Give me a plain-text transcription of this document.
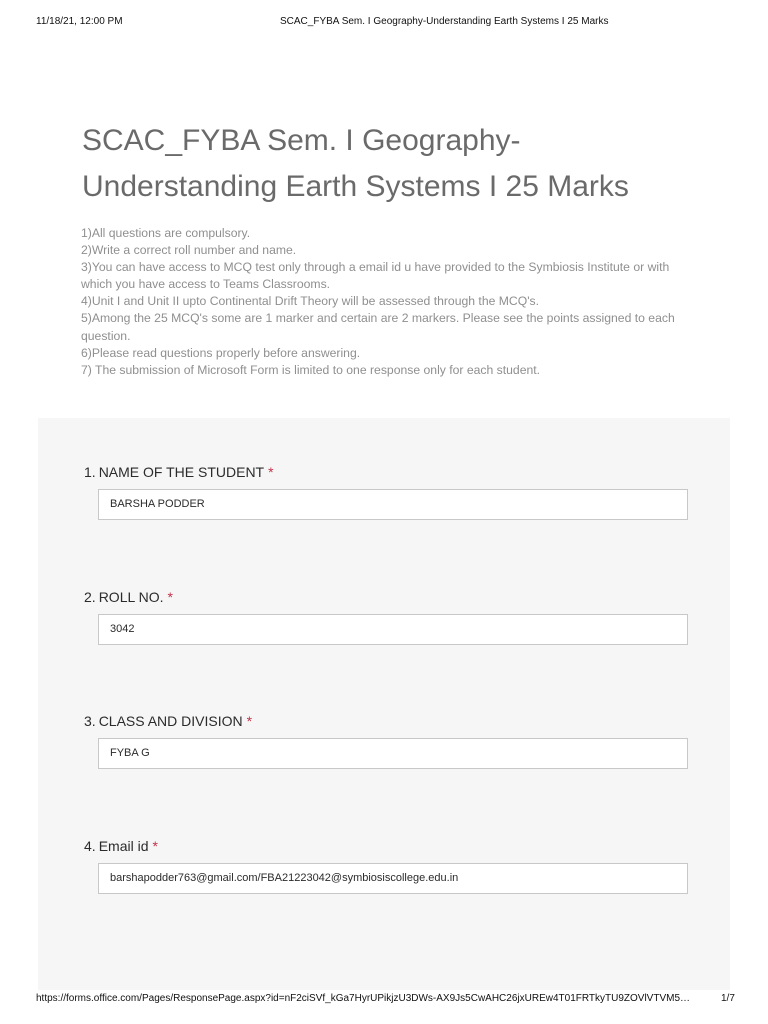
11/18/21, 12:00 PM	SCAC_FYBA Sem. I Geography-Understanding Earth Systems I 25 Marks
SCAC_FYBA Sem. I Geography-Understanding Earth Systems I 25 Marks
1)All questions are compulsory.
2)Write a correct roll number and name.
3)You can have access to MCQ test only through a email id u have provided to the Symbiosis Institute or with which you have access to Teams Classrooms.
4)Unit I and Unit II upto Continental Drift Theory will be assessed through the MCQ's.
5)Among the 25 MCQ's some are 1 marker and certain are 2 markers. Please see the points assigned to each question.
6)Please read questions properly before answering.
7) The submission of Microsoft Form is limited to one response only for each student.
1. NAME OF THE STUDENT *
BARSHA PODDER
2. ROLL NO. *
3042
3. CLASS AND DIVISION *
FYBA G
4. Email id *
barshapodder763@gmail.com/FBA21223042@symbiosiscollege.edu.in
https://forms.office.com/Pages/ResponsePage.aspx?id=nF2ciSVf_kGa7HyrUPikjzU3DWs-AX9Js5CwAHC26jxUREw4T01FRTkyTU9ZOVlVTVM5…	1/7
